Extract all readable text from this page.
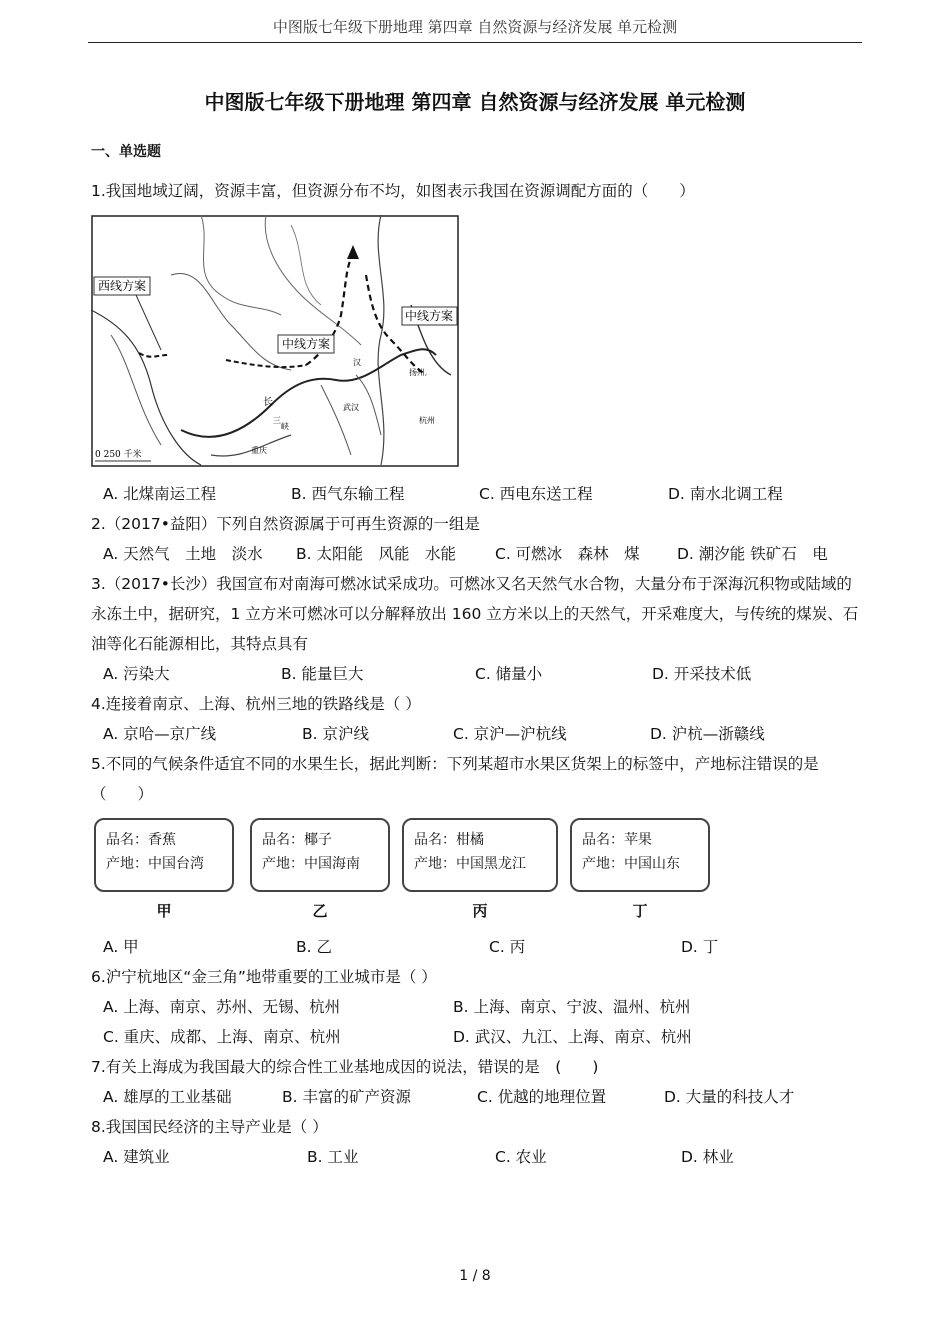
中图版七年级下册地理 第四章 自然资源与经济发展 单元检测
中图版七年级下册地理 第四章 自然资源与经济发展 单元检测
一、单选题
1.我国地域辽阔，资源丰富，但资源分布不均，如图表示我国在资源调配方面的（　　）
西线方案
中线方案
中线方案
长
三
峡
武汉
重庆
汉
扬州
杭州
0 250 千米
A. 北煤南运工程	B. 西气东输工程	C. 西电东送工程	D. 南水北调工程
2.（2017•益阳）下列自然资源属于可再生资源的一组是
A. 天然气　土地　淡水 B. 太阳能　风能　水能	C. 可燃冰　森林　煤 D. 潮汐能 铁矿石　电
3.（2017•长沙）我国宣布对南海可燃冰试采成功。可燃冰又名天然气水合物，大量分布于深海沉积物或陆域的永冻土中，据研究，1 立方米可燃冰可以分解释放出 160 立方米以上的天然气，开采难度大，与传统的煤炭、石油等化石能源相比，其特点具有
A. 污染大	B. 能量巨大	C. 储量小	D. 开采技术低
4.连接着南京、上海、杭州三地的铁路线是（ ）
A. 京哈—京广线	B. 京沪线	C. 京沪—沪杭线	D. 沪杭—浙赣线
5.不同的气候条件适宜不同的水果生长，据此判断：下列某超市水果区货架上的标签中，产地标注错误的是（　　）
品名：香蕉
产地：中国台湾
甲
品名：椰子
产地：中国海南
乙
品名：柑橘
产地：中国黑龙江
丙
品名：苹果
产地：中国山东
丁
A. 甲	B. 乙	C. 丙	D. 丁
6.沪宁杭地区“金三角”地带重要的工业城市是（ ）
A. 上海、南京、苏州、无锡、杭州	B. 上海、南京、宁波、温州、杭州
C. 重庆、成都、上海、南京、杭州	D. 武汉、九江、上海、南京、杭州
7.有关上海成为我国最大的综合性工业基地成因的说法，错误的是　(　　)
A. 雄厚的工业基础	B. 丰富的矿产资源	C. 优越的地理位置	D. 大量的科技人才
8.我国国民经济的主导产业是（ ）
A. 建筑业	B. 工业	C. 农业	D. 林业
1 / 8
